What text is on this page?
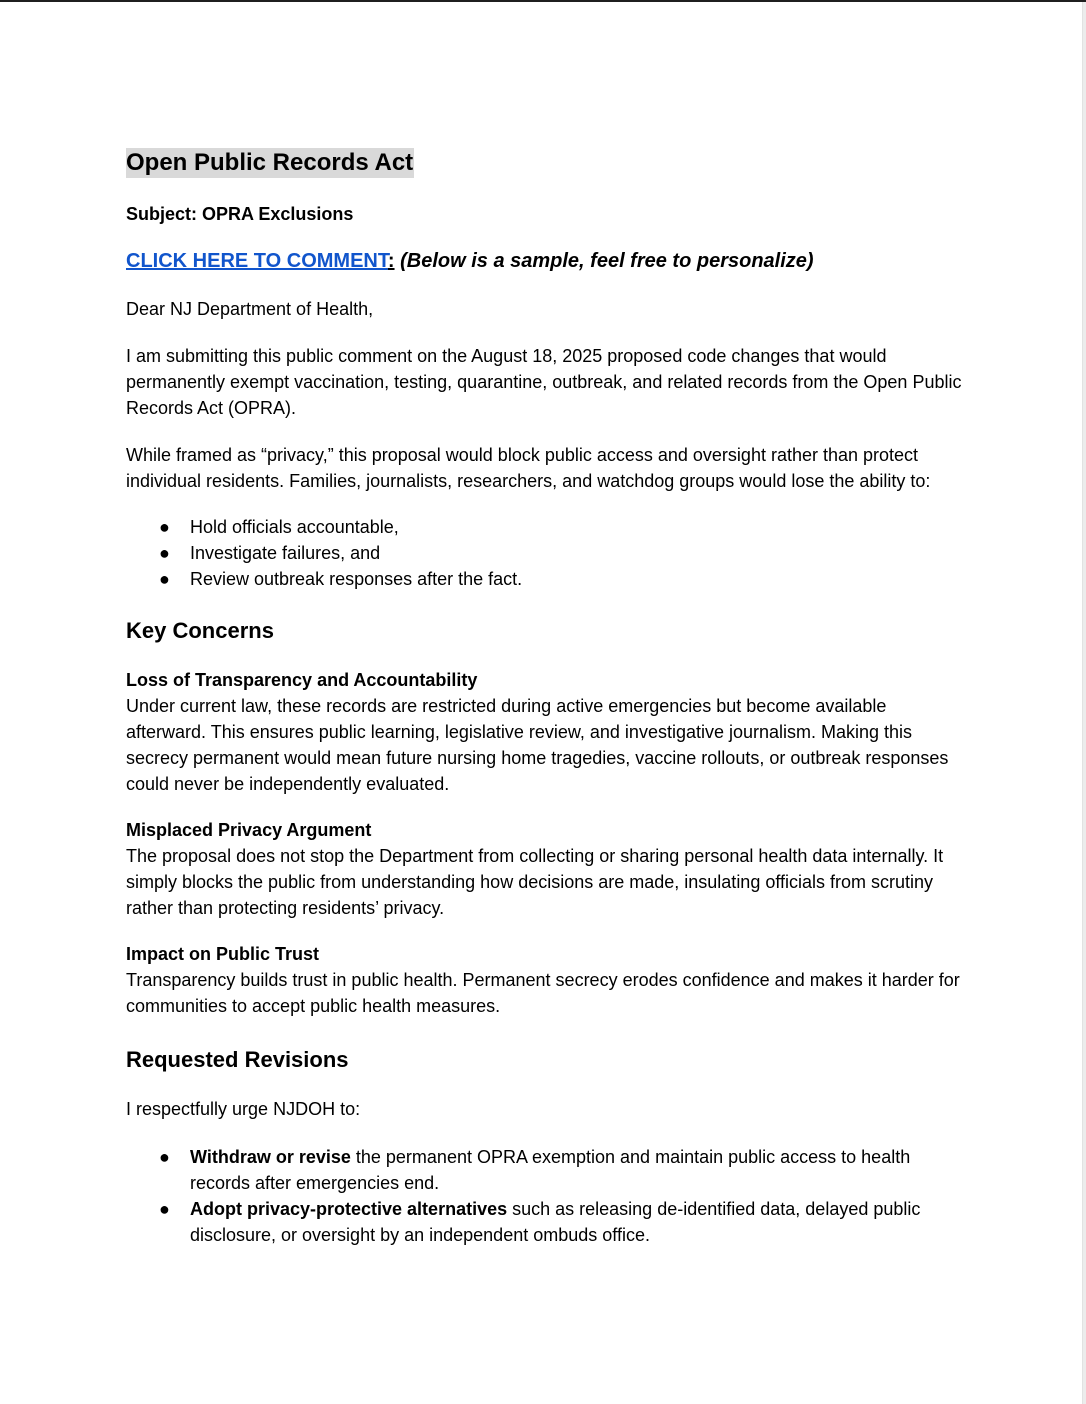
Open Public Records Act
Subject: OPRA Exclusions
CLICK HERE TO COMMENT: (Below is a sample, feel free to personalize)

Dear NJ Department of Health,

I am submitting this public comment on the August 18, 2025 proposed code changes that would permanently exempt vaccination, testing, quarantine, outbreak, and related records from the Open Public Records Act (OPRA).

While framed as “privacy,” this proposal would block public access and oversight rather than protect individual residents. Families, journalists, researchers, and watchdog groups would lose the ability to:

● Hold officials accountable,
● Investigate failures, and
● Review outbreak responses after the fact.
Key Concerns
Loss of Transparency and Accountability
Under current law, these records are restricted during active emergencies but become available afterward. This ensures public learning, legislative review, and investigative journalism. Making this secrecy permanent would mean future nursing home tragedies, vaccine rollouts, or outbreak responses could never be independently evaluated.
Misplaced Privacy Argument
The proposal does not stop the Department from collecting or sharing personal health data internally. It simply blocks the public from understanding how decisions are made, insulating officials from scrutiny rather than protecting residents’ privacy.
Impact on Public Trust
Transparency builds trust in public health. Permanent secrecy erodes confidence and makes it harder for communities to accept public health measures.
Requested Revisions

I respectfully urge NJDOH to:

● Withdraw or revise the permanent OPRA exemption and maintain public access to health records after emergencies end.
● Adopt privacy-protective alternatives such as releasing de-identified data, delayed public disclosure, or oversight by an independent ombuds office.
